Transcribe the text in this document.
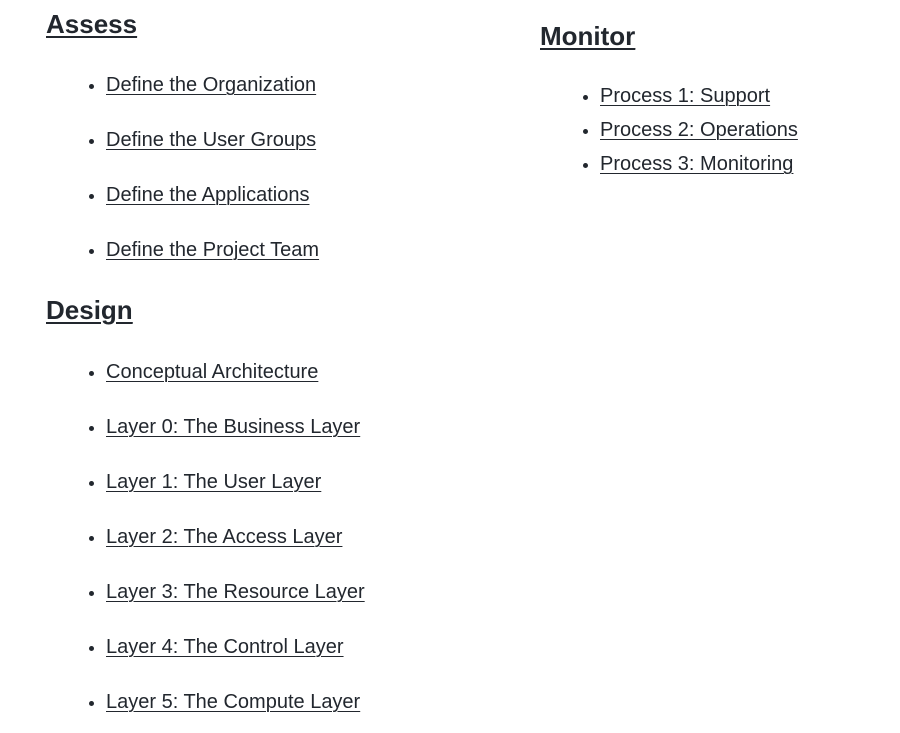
Assess
• Define the Organization
• Define the User Groups
• Define the Applications
• Define the Project Team
Design
• Conceptual Architecture
• Layer 0: The Business Layer
• Layer 1: The User Layer
• Layer 2: The Access Layer
• Layer 3: The Resource Layer
• Layer 4: The Control Layer
• Layer 5: The Compute Layer
Monitor
• Process 1: Support
• Process 2: Operations
• Process 3: Monitoring
